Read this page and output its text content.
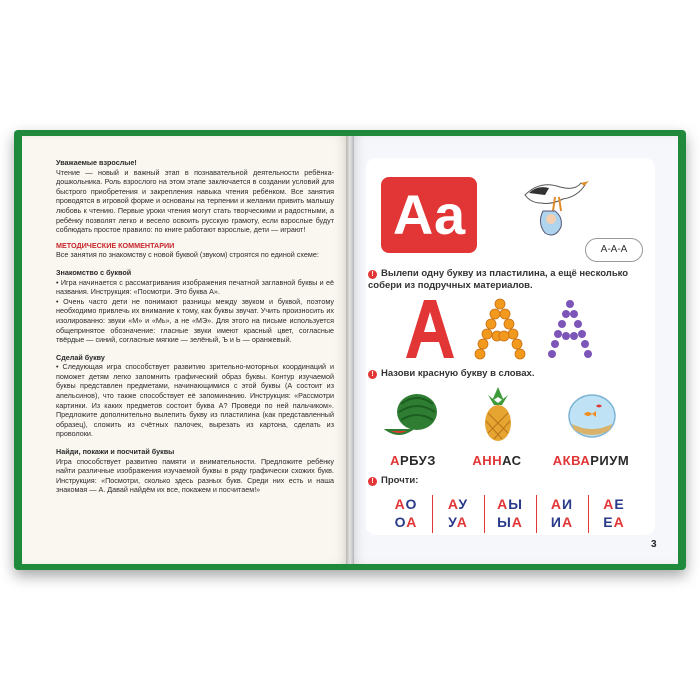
Уважаемые взрослые!

Чтение — новый и важный этап в познавательной деятельности ребёнка-дошкольника. Роль взрослого на этом этапе заключается в создании условий для быстрого приобретения и закрепления навыка чтения ребёнком. Все занятия проводятся в игровой форме и основаны на терпении и желании привить малышу любовь к чтению. Первые уроки чтения могут стать творческими и радостными, а ребёнку позволят легко и весело освоить русскую грамоту, если взрослые будут соблюдать простое правило: по книге работают взрослые, дети — играют!

МЕТОДИЧЕСКИЕ КОММЕНТАРИИ

Все занятия по знакомству с новой буквой (звуком) строятся по единой схеме:

Знакомство с буквой

• Игра начинается с рассматривания изображения печатной заглавной буквы и её названия. Инструкция: «Посмотри. Это буква А».

• Очень часто дети не понимают разницы между звуком и буквой, поэтому необходимо привлечь их внимание к тому, как буквы звучат. Учить произносить их изолированно: звуки «М» и «Мь», а не «МЭ». Для этого на письме используется общепринятое обозначение: гласные звуки имеют красный цвет, согласные твёрдые — синий, согласные мягкие — зелёный, Ъ и Ь — оранжевый.

Сделай букву

• Следующая игра способствует развитию зрительно-моторных координаций и поможет детям легко запомнить графический образ буквы. Контур изучаемой буквы представлен предметами, начинающимися с этой буквы (А состоит из апельсинов), что также способствует её запоминанию. Инструкция: «Рассмотри картинки. Из каких предметов состоит буква А? Проведи по ней пальчиком». Предложите дополнительно вылепить букву из пластилина (как представленный образец), сложить из счётных палочек, вырезать из картона, сделать из проволоки.

Найди, покажи и посчитай буквы

Игра способствует развитию памяти и внимательности. Предложите ребёнку найти различные изображения изучаемой буквы в ряду графически схожих букв. Инструкция: «Посмотри, сколько здесь разных букв. Среди них есть и наша знакомая — А. Давай найдём их все, покажем и посчитаем!»

Аа
А-А-А
! Вылепи одну букву из пластилина, а ещё несколько собери из подручных материалов.
! Назови красную букву в словах.
АРБУЗ	АННАС	АКВАРИУМ
! Прочти:
АО
ОА
АУ
УА
АЫ
ЫА
АИ
ИА
АЕ
ЕА
3
